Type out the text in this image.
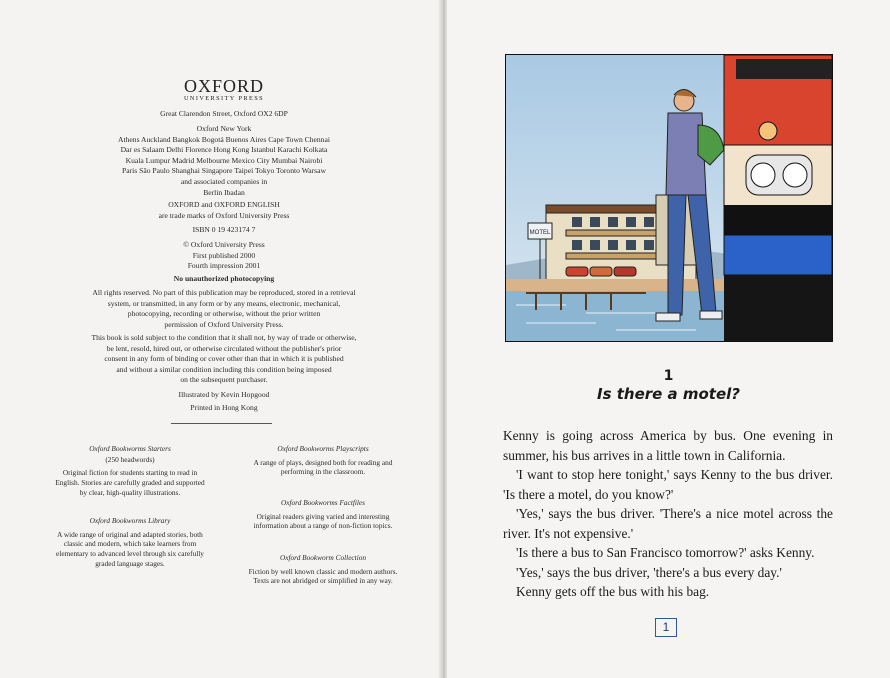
OXFORD
UNIVERSITY PRESS
Great Clarendon Street, Oxford OX2 6DP
Oxford New York
Athens Auckland Bangkok Bogotá Buenos Aires Cape Town Chennai
Dar es Salaam Delhi Florence Hong Kong Istanbul Karachi Kolkata
Kuala Lumpur Madrid Melbourne Mexico City Mumbai Nairobi
Paris São Paulo Shanghai Singapore Taipei Tokyo Toronto Warsaw
and associated companies in
Berlin Ibadan
OXFORD and OXFORD ENGLISH
are trade marks of Oxford University Press
ISBN 0 19 423174 7
© Oxford University Press
First published 2000
Fourth impression 2001
No unauthorized photocopying
All rights reserved. No part of this publication may be reproduced, stored in a retrieval
system, or transmitted, in any form or by any means, electronic, mechanical,
photocopying, recording or otherwise, without the prior written
permission of Oxford University Press.
This book is sold subject to the condition that it shall not, by way of trade or otherwise,
be lent, resold, hired out, or otherwise circulated without the publisher's prior
consent in any form of binding or cover other than that in which it is published
and without a similar condition including this condition being imposed
on the subsequent purchaser.
Illustrated by Kevin Hopgood
Printed in Hong Kong
Oxford Bookworms Starters
(250 headwords)
Original fiction for students starting to read in
English. Stories are carefully graded and supported
by clear, high-quality illustrations.
Oxford Bookworms Library
A wide range of original and adapted stories, both
classic and modern, which take learners from
elementary to advanced level through six carefully
graded language stages.
Oxford Bookworms Playscripts
A range of plays, designed both for reading and
performing in the classroom.
Oxford Bookworms Factfiles
Original readers giving varied and interesting
information about a range of non-fiction topics.
Oxford Bookworm Collection
Fiction by well known classic and modern authors.
Texts are not abridged or simplified in any way.
MOTEL
1
Is there a motel?

Kenny is going across America by bus. One evening in summer, his bus arrives in a little town in California.

'I want to stop here tonight,' says Kenny to the bus driver. 'Is there a motel, do you know?'

'Yes,' says the bus driver. 'There's a nice motel across the river. It's not expensive.'

'Is there a bus to San Francisco tomorrow?' asks Kenny.

'Yes,' says the bus driver, 'there's a bus every day.'

Kenny gets off the bus with his bag.

1
